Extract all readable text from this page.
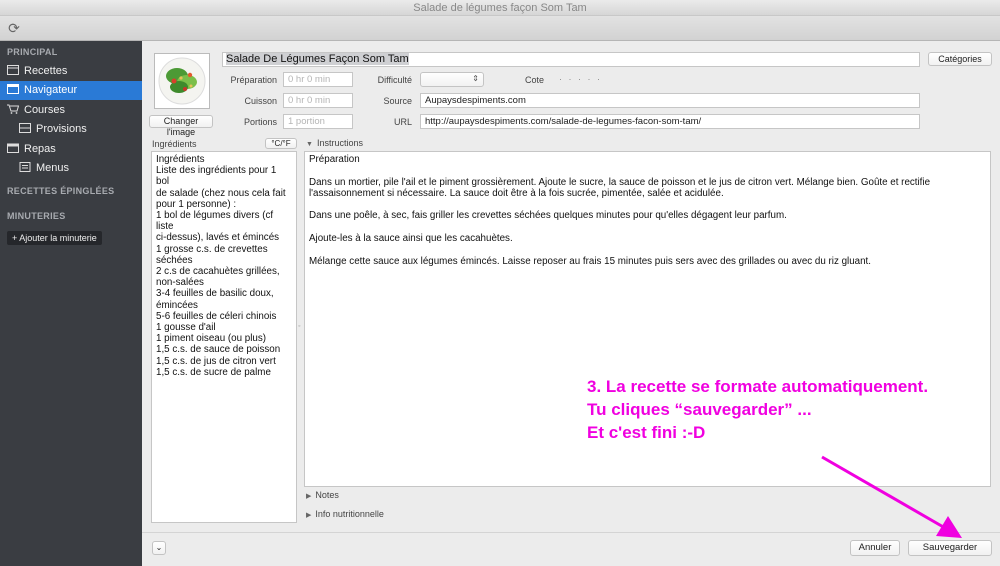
Salade de légumes façon Som Tam
⟳
PRINCIPAL
Recettes
Navigateur
Courses
Provisions
Repas
Menus
RECETTES ÉPINGLÉES
MINUTERIES
+ Ajouter la minuterie
Changer l'image
Salade De Légumes Façon Som Tam	Catégories
Préparation	0 hr 0 min
Cuisson	0 hr 0 min
Portions	1 portion
Difficulté	⇕	Cote · · · · ·
Source	Aupaysdespiments.com
URL	http://aupaysdespiments.com/salade-de-legumes-facon-som-tam/
Ingrédients	°C/°F
Ingrédients
Liste des ingrédients pour 1 bol
de salade (chez nous cela fait
pour 1 personne) :
1 bol de légumes divers (cf liste
ci-dessus), lavés et émincés
1 grosse c.s. de crevettes
séchées
2 c.s de cacahuètes grillées,
non-salées
3-4 feuilles de basilic doux,
émincées
5-6 feuilles de céleri chinois
1 gousse d'ail
1 piment oiseau (ou plus)
1,5 c.s. de sauce de poisson
1,5 c.s. de jus de citron vert
1,5 c.s. de sucre de palme
◦
▼ Instructions
Préparation
Dans un mortier, pile l'ail et le piment grossièrement. Ajoute le sucre, la sauce de poisson et le jus de citron vert. Mélange bien. Goûte et rectifie
l'assaisonnement si nécessaire. La sauce doit être à la fois sucrée, pimentée, salée et acidulée.
Dans une poêle, à sec, fais griller les crevettes séchées quelques minutes pour qu'elles dégagent leur parfum.
Ajoute-les à la sauce ainsi que les cacahuètes.
Mélange cette sauce aux légumes émincés. Laisse reposer au frais 15 minutes puis sers avec des grillades ou avec du riz gluant.
▶ Notes
▶ Info nutritionnelle
⌄	Annuler	Sauvegarder
3. La recette se formate automatiquement.
Tu cliques “sauvegarder” ...
Et c'est fini :-D
